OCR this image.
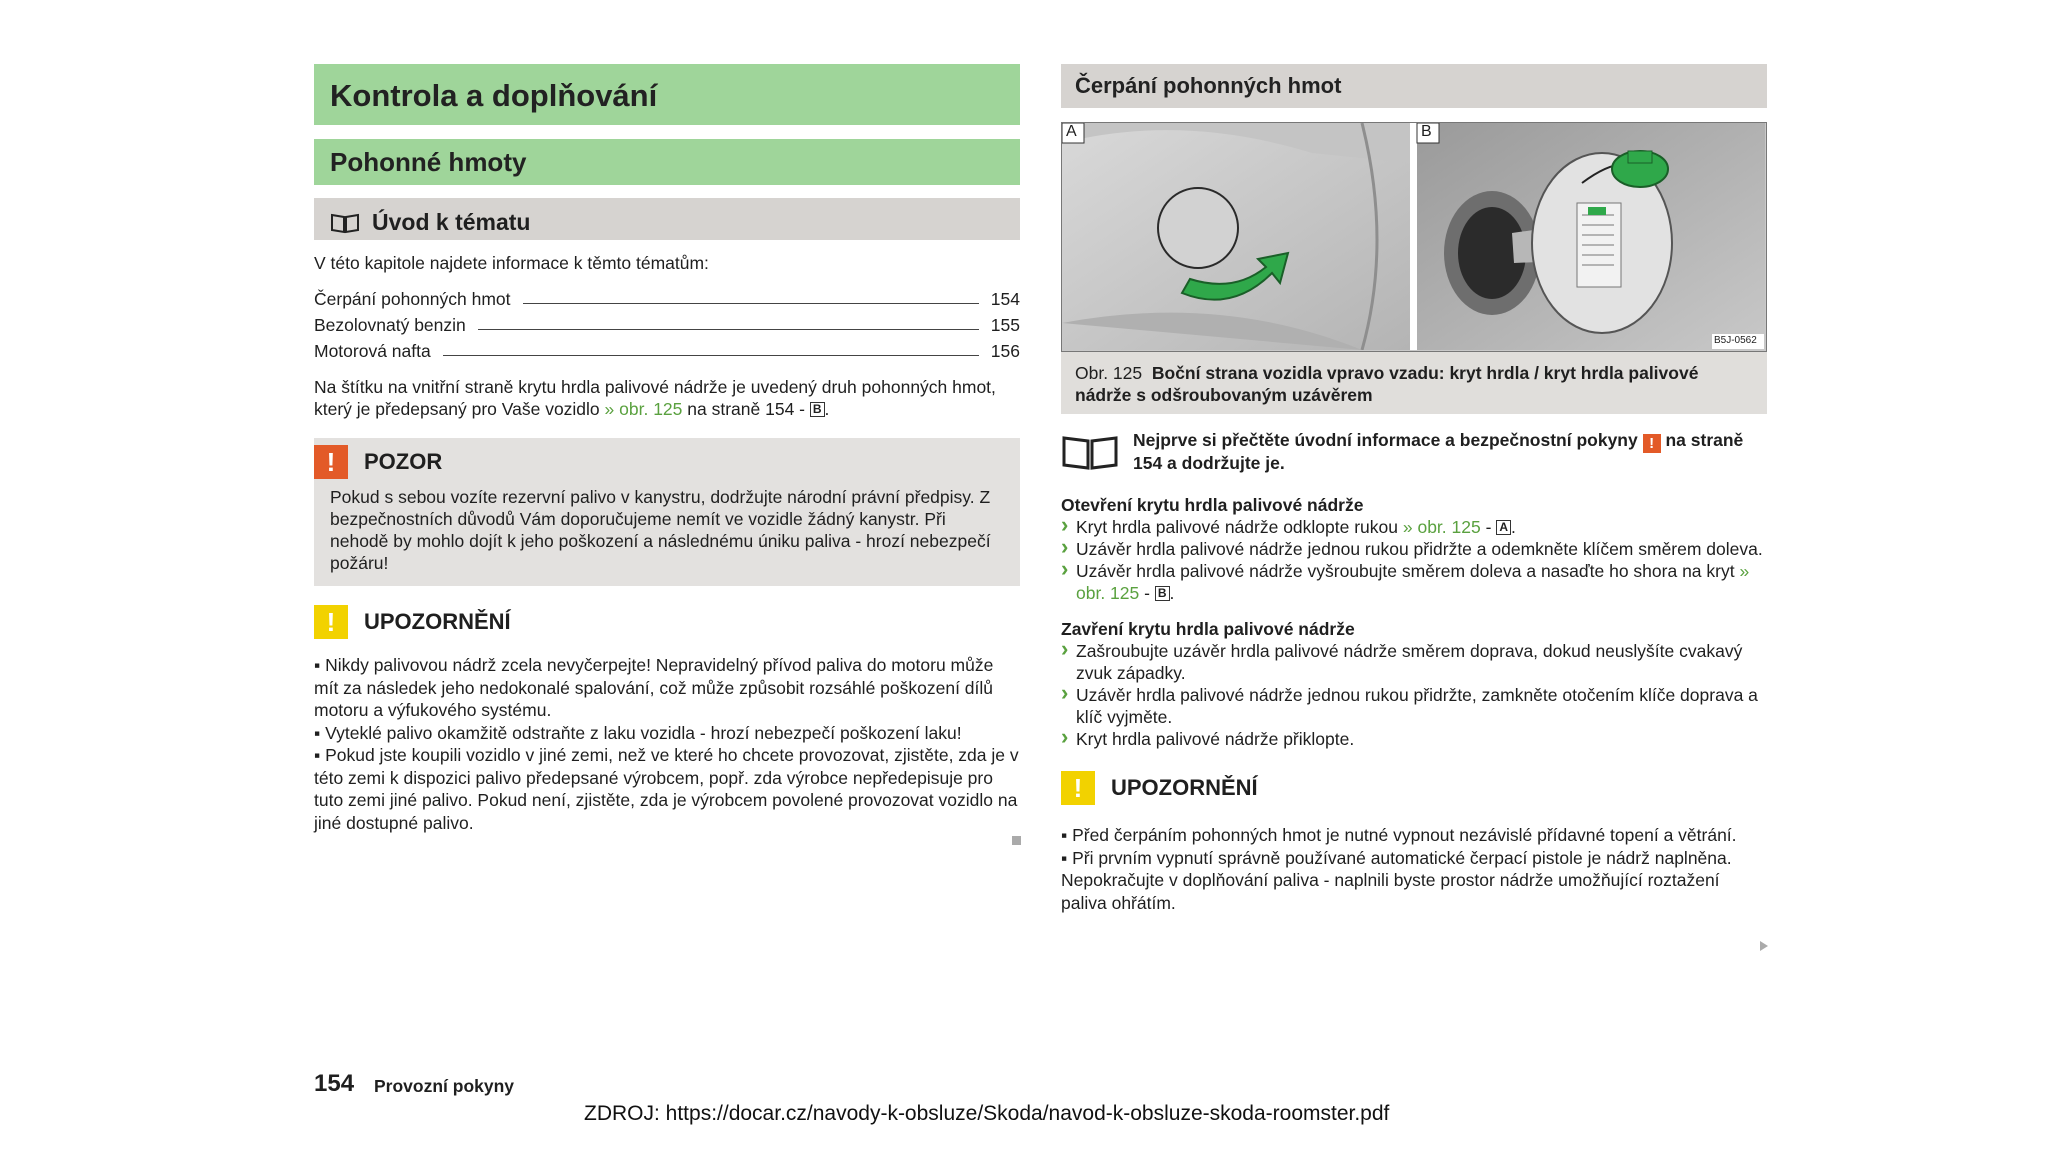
Kontrola a doplňování
Pohonné hmoty
Úvod k tématu
V této kapitole najdete informace k těmto tématům:
Čerpání pohonných hmot	154
Bezolovnatý benzin	155
Motorová nafta	156
Na štítku na vnitřní straně krytu hrdla palivové nádrže je uvedený druh pohonných hmot, který je předepsaný pro Vaše vozidlo » obr. 125 na straně 154 - B .
!	POZOR
Pokud s sebou vozíte rezervní palivo v kanystru, dodržujte národní právní předpisy. Z bezpečnostních důvodů Vám doporučujeme nemít ve vozidle žádný kanystr. Při nehodě by mohlo dojít k jeho poškození a následnému úniku paliva - hrozí nebezpečí požáru!
!	UPOZORNĚNÍ
▪ Nikdy palivovou nádrž zcela nevyčerpejte! Nepravidelný přívod paliva do motoru může mít za následek jeho nedokonalé spalování, což může způsobit rozsáhlé poškození dílů motoru a výfukového systému.
▪ Vyteklé palivo okamžitě odstraňte z laku vozidla - hrozí nebezpečí poškození laku!
▪ Pokud jste koupili vozidlo v jiné zemi, než ve které ho chcete provozovat, zjistěte, zda je v této zemi k dispozici palivo předepsané výrobcem, popř. zda výrobce nepředepisuje pro tuto zemi jiné palivo. Pokud není, zjistěte, zda je výrobcem povolené provozovat vozidlo na jiné dostupné palivo.
Čerpání pohonných hmot
A	B
B5J-0562
Obr. 125 Boční strana vozidla vpravo vzadu: kryt hrdla / kryt hrdla palivové nádrže s odšroubovaným uzávěrem
Nejprve si přečtěte úvodní informace a bezpečnostní pokyny ! na straně 154 a dodržujte je.
Otevření krytu hrdla palivové nádrže
› Kryt hrdla palivové nádrže odklopte rukou » obr. 125 - A .
› Uzávěr hrdla palivové nádrže jednou rukou přidržte a odemkněte klíčem směrem doleva.
› Uzávěr hrdla palivové nádrže vyšroubujte směrem doleva a nasaďte ho shora na kryt » obr. 125 - B .
Zavření krytu hrdla palivové nádrže
› Zašroubujte uzávěr hrdla palivové nádrže směrem doprava, dokud neuslyšíte cvakavý zvuk západky.
› Uzávěr hrdla palivové nádrže jednou rukou přidržte, zamkněte otočením klíče doprava a klíč vyjměte.
› Kryt hrdla palivové nádrže přiklopte.
!	UPOZORNĚNÍ
▪ Před čerpáním pohonných hmot je nutné vypnout nezávislé přídavné topení a větrání.
▪ Při prvním vypnutí správně používané automatické čerpací pistole je nádrž naplněna. Nepokračujte v doplňování paliva - naplnili byste prostor nádrže umožňující roztažení paliva ohřátím.
154 Provozní pokyny
ZDROJ: https://docar.cz/navody-k-obsluze/Skoda/navod-k-obsluze-skoda-roomster.pdf
